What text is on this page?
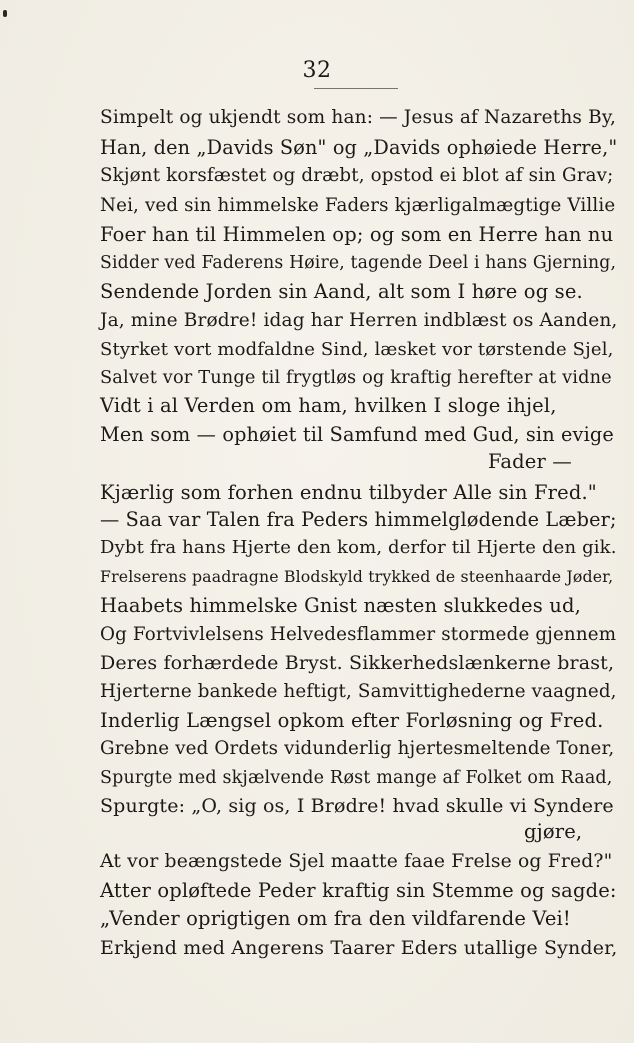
32
Simpelt og ukjendt som han: — Jesus af Nazareths By,
Han, den „Davids Søn" og „Davids ophøiede Herre,"
Skjønt korsfæstet og dræbt, opstod ei blot af sin Grav;
Nei, ved sin himmelske Faders kjærligalmægtige Villie
Foer han til Himmelen op; og som en Herre han nu
Sidder ved Faderens Høire, tagende Deel i hans Gjerning,
Sendende Jorden sin Aand, alt som I høre og se.
Ja, mine Brødre! idag har Herren indblæst os Aanden,
Styrket vort modfaldne Sind, læsket vor tørstende Sjel,
Salvet vor Tunge til frygtløs og kraftig herefter at vidne
Vidt i al Verden om ham, hvilken I sloge ihjel,
Men som — ophøiet til Samfund med Gud, sin evige
Fader —
Kjærlig som forhen endnu tilbyder Alle sin Fred."
— Saa var Talen fra Peders himmelglødende Læber;
Dybt fra hans Hjerte den kom, derfor til Hjerte den gik.
Frelserens paadragne Blodskyld trykked de steenhaarde Jøder,
Haabets himmelske Gnist næsten slukkedes ud,
Og Fortvivlelsens Helvedesflammer stormede gjennem
Deres forhærdede Bryst. Sikkerhedslænkerne brast,
Hjerterne bankede heftigt, Samvittighederne vaagned,
Inderlig Længsel opkom efter Forløsning og Fred.
Grebne ved Ordets vidunderlig hjertesmeltende Toner,
Spurgte med skjælvende Røst mange af Folket om Raad,
Spurgte: „O, sig os, I Brødre! hvad skulle vi Syndere
gjøre,
At vor beængstede Sjel maatte faae Frelse og Fred?"
Atter opløftede Peder kraftig sin Stemme og sagde:
„Vender oprigtigen om fra den vildfarende Vei!
Erkjend med Angerens Taarer Eders utallige Synder,
